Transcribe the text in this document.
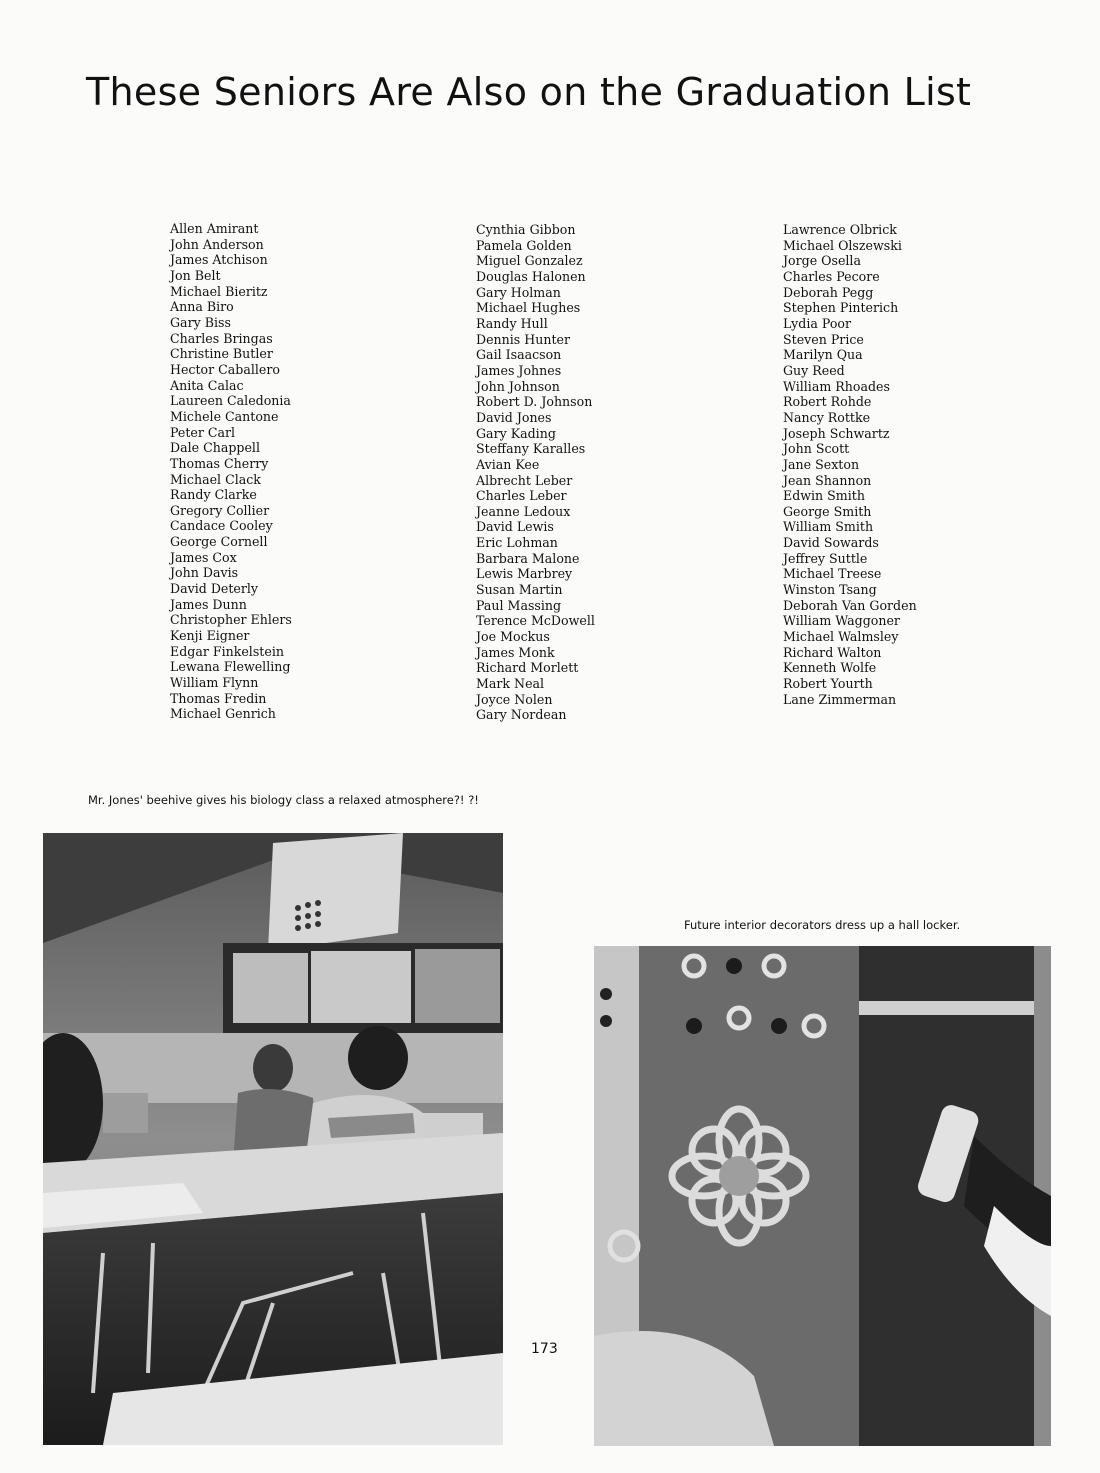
These Seniors Are Also on the Graduation List
Allen Amirant
John Anderson
James Atchison
Jon Belt
Michael Bieritz
Anna Biro
Gary Biss
Charles Bringas
Christine Butler
Hector Caballero
Anita Calac
Laureen Caledonia
Michele Cantone
Peter Carl
Dale Chappell
Thomas Cherry
Michael Clack
Randy Clarke
Gregory Collier
Candace Cooley
George Cornell
James Cox
John Davis
David Deterly
James Dunn
Christopher Ehlers
Kenji Eigner
Edgar Finkelstein
Lewana Flewelling
William Flynn
Thomas Fredin
Michael Genrich
Cynthia Gibbon
Pamela Golden
Miguel Gonzalez
Douglas Halonen
Gary Holman
Michael Hughes
Randy Hull
Dennis Hunter
Gail Isaacson
James Johnes
John Johnson
Robert D. Johnson
David Jones
Gary Kading
Steffany Karalles
Avian Kee
Albrecht Leber
Charles Leber
Jeanne Ledoux
David Lewis
Eric Lohman
Barbara Malone
Lewis Marbrey
Susan Martin
Paul Massing
Terence McDowell
Joe Mockus
James Monk
Richard Morlett
Mark Neal
Joyce Nolen
Gary Nordean
Lawrence Olbrick
Michael Olszewski
Jorge Osella
Charles Pecore
Deborah Pegg
Stephen Pinterich
Lydia Poor
Steven Price
Marilyn Qua
Guy Reed
William Rhoades
Robert Rohde
Nancy Rottke
Joseph Schwartz
John Scott
Jane Sexton
Jean Shannon
Edwin Smith
George Smith
William Smith
David Sowards
Jeffrey Suttle
Michael Treese
Winston Tsang
Deborah Van Gorden
William Waggoner
Michael Walmsley
Richard Walton
Kenneth Wolfe
Robert Yourth
Lane Zimmerman

Mr. Jones' beehive gives his biology class a relaxed atmosphere?! ?!

Future interior decorators dress up a hall locker.

173
